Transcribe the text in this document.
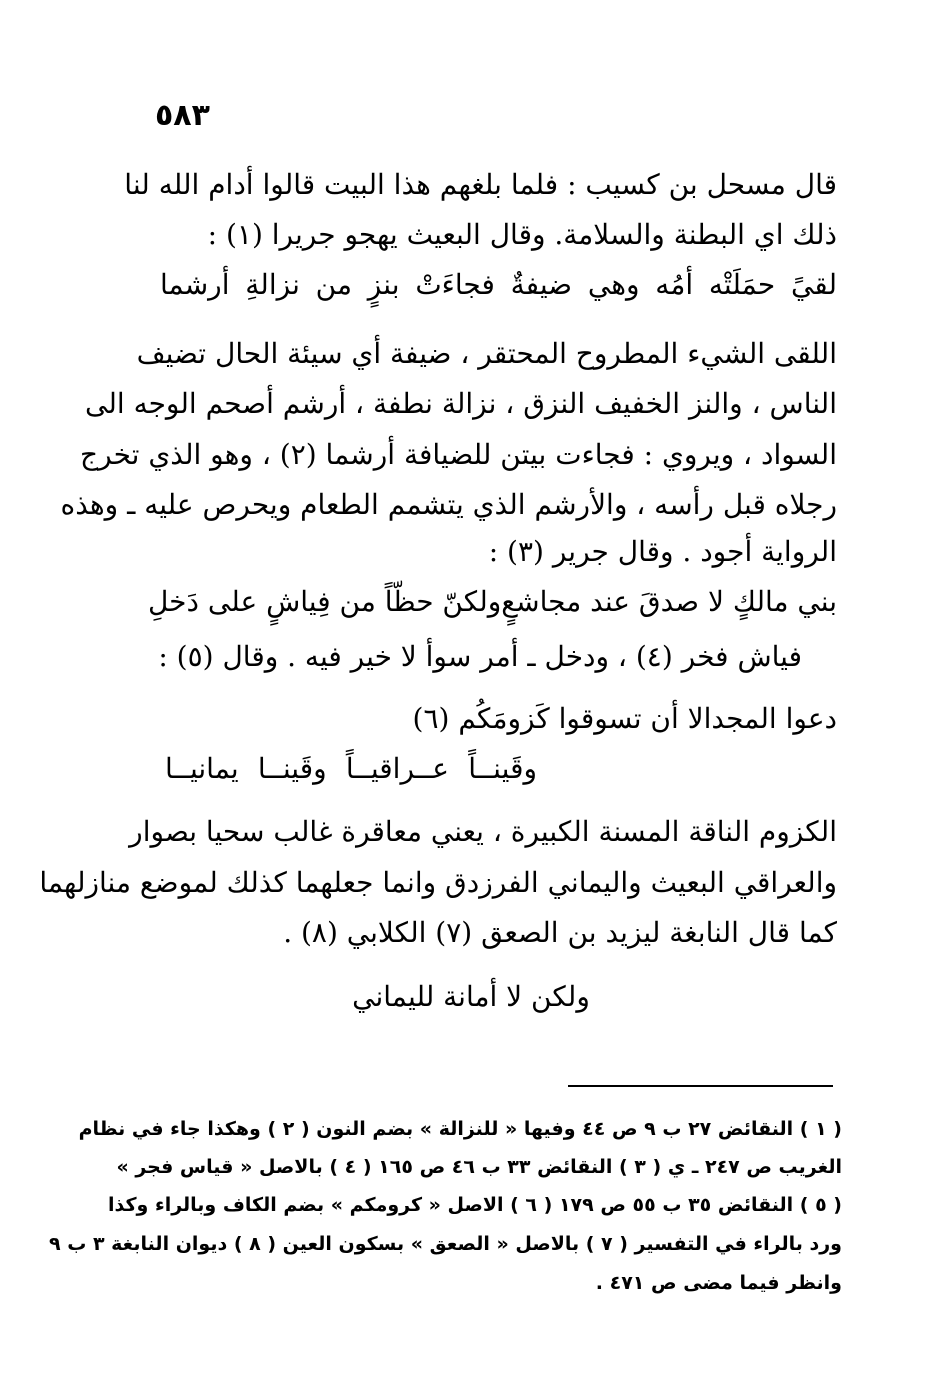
٥٨٣
قال مسحل بن كسيب : فلما بلغهم هذا البيت قالوا أدام الله لنا
ذلك اي البطنة والسلامة. وقال البعيث يهجو جريرا (١) :
لقيً حمَلَتْه أمُه وهي ضيفةٌ فجاءَتْ بنزٍ من نزالةِ أرشما
اللقى الشيء المطروح المحتقر ، ضيفة أي سيئة الحال تضيف
الناس ، والنز الخفيف النزق ، نزالة نطفة ، أرشم أصحم الوجه الى
السواد ، ويروي : فجاءت بيتن للضيافة أرشما (٢) ، وهو الذي تخرج
رجلاه قبل رأسه ، والأرشم الذي يتشمم الطعام ويحرص عليه ـ وهذه
الرواية أجود . وقال جرير (٣) :
بني مالكٍ لا صدقَ عند مجاشعٍ
ولكنّ حظّاً من فِياشٍ على دَخلِ
فياش فخر (٤) ، ودخل ـ أمر سوأ لا خير فيه . وقال (٥) :
دعوا المجدالا أن تسوقوا كَزومَكُم (٦)
وقَينــاً عــراقيــاً وقَينــا يمانيــا
الكزوم الناقة المسنة الكبيرة ، يعني معاقرة غالب سحيا بصوار
والعراقي البعيث واليماني الفرزدق وانما جعلهما كذلك لموضع منازلهما
كما قال النابغة ليزيد بن الصعق (٧) الكلابي (٨) .
ولكن لا أمانة لليماني
( ١ ) النقائض ٢٧ ب ٩ ص ٤٤ وفيها « للنزالة » بضم النون ( ٢ ) وهكذا جاء في نظام
الغريب ص ٢٤٧ ـ ي ( ٣ ) النقائض ٣٣ ب ٤٦ ص ١٦٥ ( ٤ ) بالاصل « قياس فجر »
( ٥ ) النقائض ٣٥ ب ٥٥ ص ١٧٩ ( ٦ ) الاصل « كرومكم » بضم الكاف وبالراء وكذا
ورد بالراء في التفسير ( ٧ ) بالاصل « الصعق » بسكون العين ( ٨ ) ديوان النابغة ٣ ب ٩
وانظر فيما مضى ص ٤٧١ .
